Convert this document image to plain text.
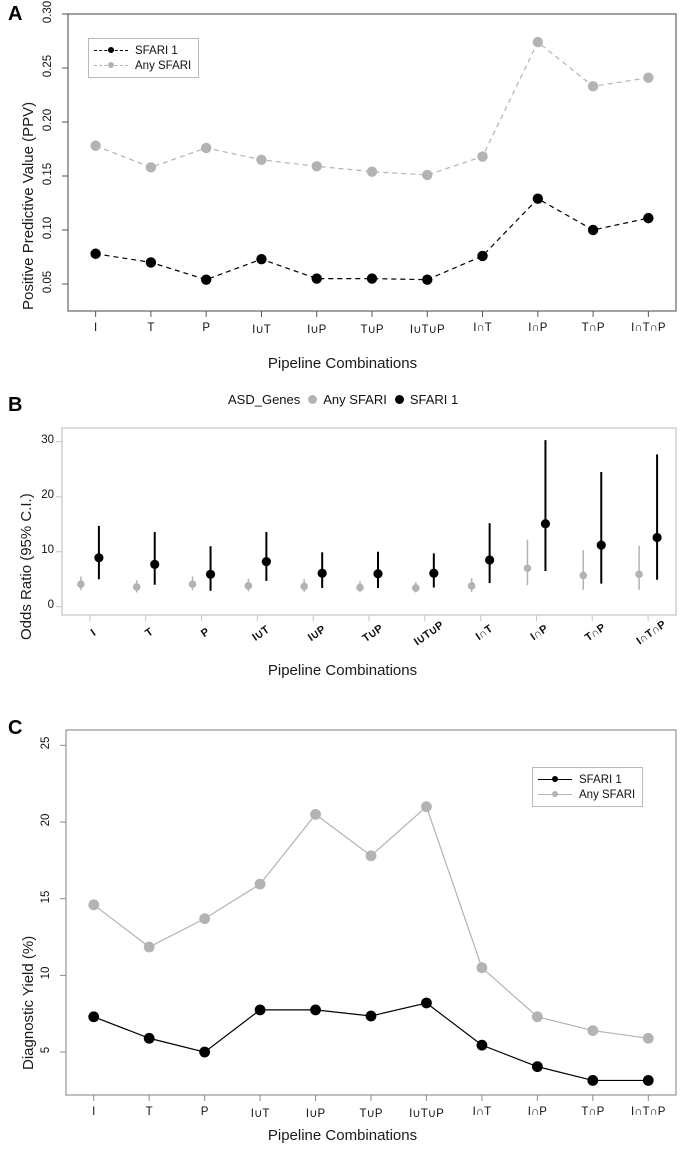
A
Positive Predictive Value (PPV) 0.05
0.10
0.15
0.20
0.25
0.30
I	T	P	I∪T	I∪P	T∪P	I∪T∪P	I∩T	I∩P	T∩P	I∩T∩P
SFARI 1
Any SFARI
Pipeline Combinations
B
Odds Ratio (95% C.I.)
ASD_Genes Any SFARI SFARI 1
0
10
20
30
I	T	P	I∪T	I∪P	T∪P	I∪T∪P	I∩T	I∩P	T∩P	I∩T∩P
Pipeline Combinations
C
Diagnostic Yield (%) 5
10
15
20
25
I	T	P	I∪T	I∪P	T∪P	I∪T∪P	I∩T	I∩P	T∩P	I∩T∩P
SFARI 1
Any SFARI
Pipeline Combinations
